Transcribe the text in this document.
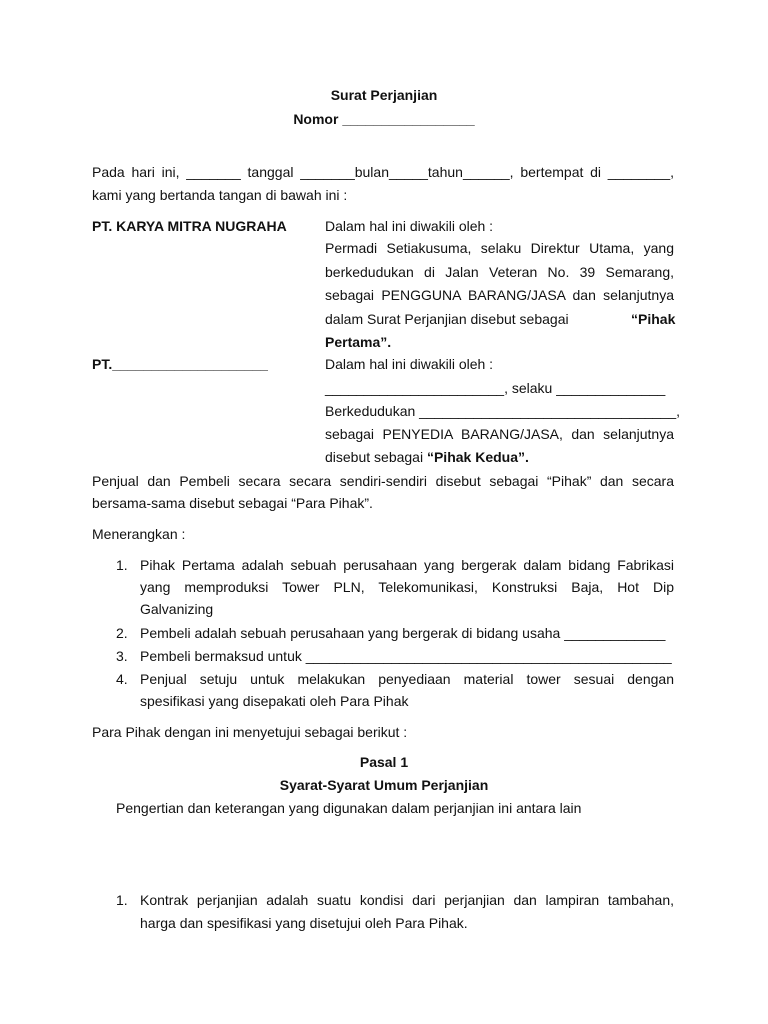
Surat Perjanjian
Nomor _________________
Pada hari ini, _______ tanggal _______bulan_____tahun______, bertempat di ________,
kami yang bertanda tangan di bawah ini :
PT. KARYA MITRA NUGRAHA	Dalam hal ini diwakili oleh :
Permadi Setiakusuma, selaku Direktur Utama, yang
berkedudukan di Jalan Veteran No. 39 Semarang,
sebagai PENGGUNA BARANG/JASA dan selanjutnya
dalam Surat Perjanjian disebut sebagai	“Pihak
Pertama”.
PT.____________________	Dalam hal ini diwakili oleh :
_______________________, selaku ______________
Berkedudukan _________________________________,
sebagai PENYEDIA BARANG/JASA, dan selanjutnya
disebut sebagai “Pihak Kedua”.
Penjual dan Pembeli secara secara sendiri-sendiri disebut sebagai “Pihak” dan secara
bersama-sama disebut sebagai “Para Pihak”.
Menerangkan :
1. Pihak Pertama adalah sebuah perusahaan yang bergerak dalam bidang Fabrikasi
yang memproduksi Tower PLN, Telekomunikasi, Konstruksi Baja, Hot Dip
Galvanizing
2. Pembeli adalah sebuah perusahaan yang bergerak di bidang usaha _____________
3. Pembeli bermaksud untuk _______________________________________________
4. Penjual setuju untuk melakukan penyediaan material tower sesuai dengan
spesifikasi yang disepakati oleh Para Pihak
Para Pihak dengan ini menyetujui sebagai berikut :
Pasal 1
Syarat-Syarat Umum Perjanjian
Pengertian dan keterangan yang digunakan dalam perjanjian ini antara lain
1. Kontrak perjanjian adalah suatu kondisi dari perjanjian dan lampiran tambahan,
harga dan spesifikasi yang disetujui oleh Para Pihak.
